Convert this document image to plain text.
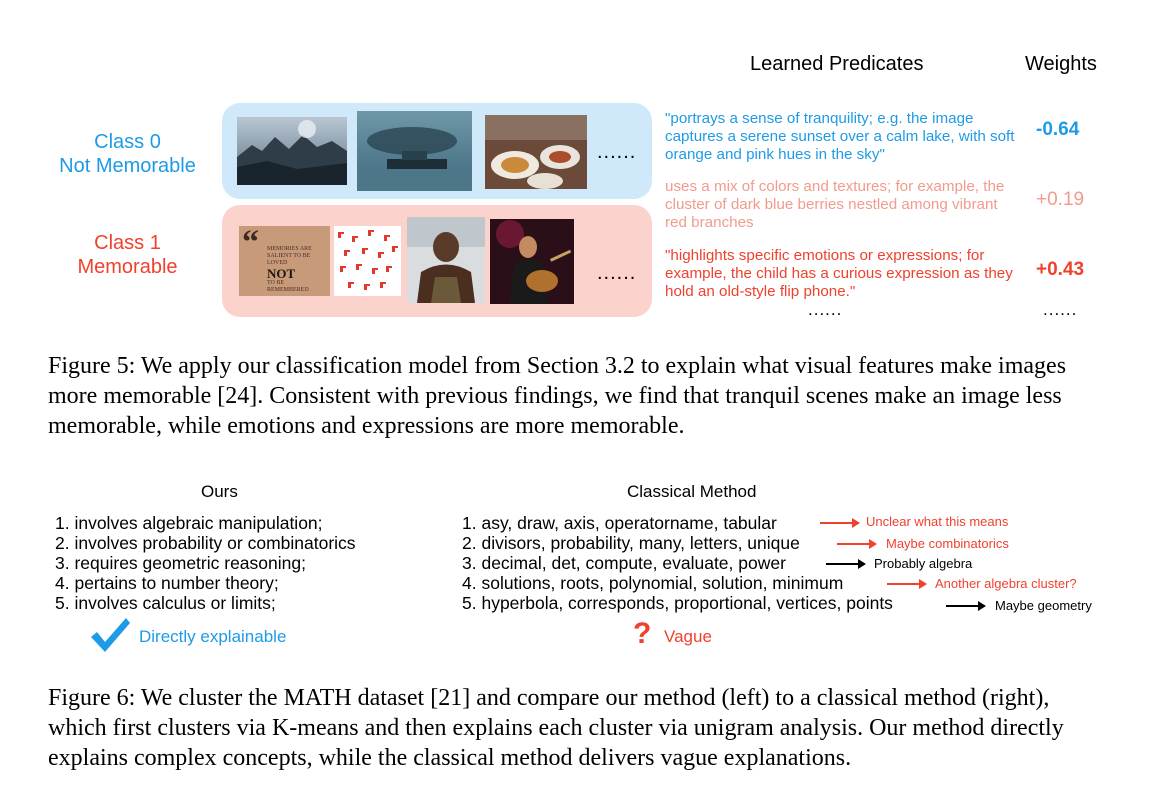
Learned Predicates	Weights
Class 0
Not Memorable
Class 1
Memorable
......
“ MEMORIES ARE
SALIENT TO BE
LOVED
NOT
TO BE
REMEMBERED
......
"portrays a sense of tranquility; e.g. the image captures a serene sunset over a calm lake, with soft orange and pink hues in the sky"
-0.64
uses a mix of colors and textures; for example, the cluster of dark blue berries nestled among vibrant red branches
+0.19
"highlights specific emotions or expressions; for example, the child has a curious expression as they hold an old-style flip phone."
+0.43
......	......
Figure 5: We apply our classification model from Section 3.2 to explain what visual features make images more memorable [24]. Consistent with previous findings, we find that tranquil scenes make an image less memorable, while emotions and expressions are more memorable.
Ours	Classical Method
1. involves algebraic manipulation;
2. involves probability or combinatorics
3. requires geometric reasoning;
4. pertains to number theory;
5. involves calculus or limits;
1. asy, draw, axis, operatorname, tabular
2. divisors, probability, many, letters, unique
3. decimal, det, compute, evaluate, power
4. solutions, roots, polynomial, solution, minimum
5. hyperbola, corresponds, proportional, vertices, points
Unclear what this means
Maybe combinatorics
Probably algebra
Another algebra cluster?
Maybe geometry
Directly explainable	? Vague
Figure 6: We cluster the MATH dataset [21] and compare our method (left) to a classical method (right), which first clusters via K-means and then explains each cluster via unigram analysis. Our method directly explains complex concepts, while the classical method delivers vague explanations.
